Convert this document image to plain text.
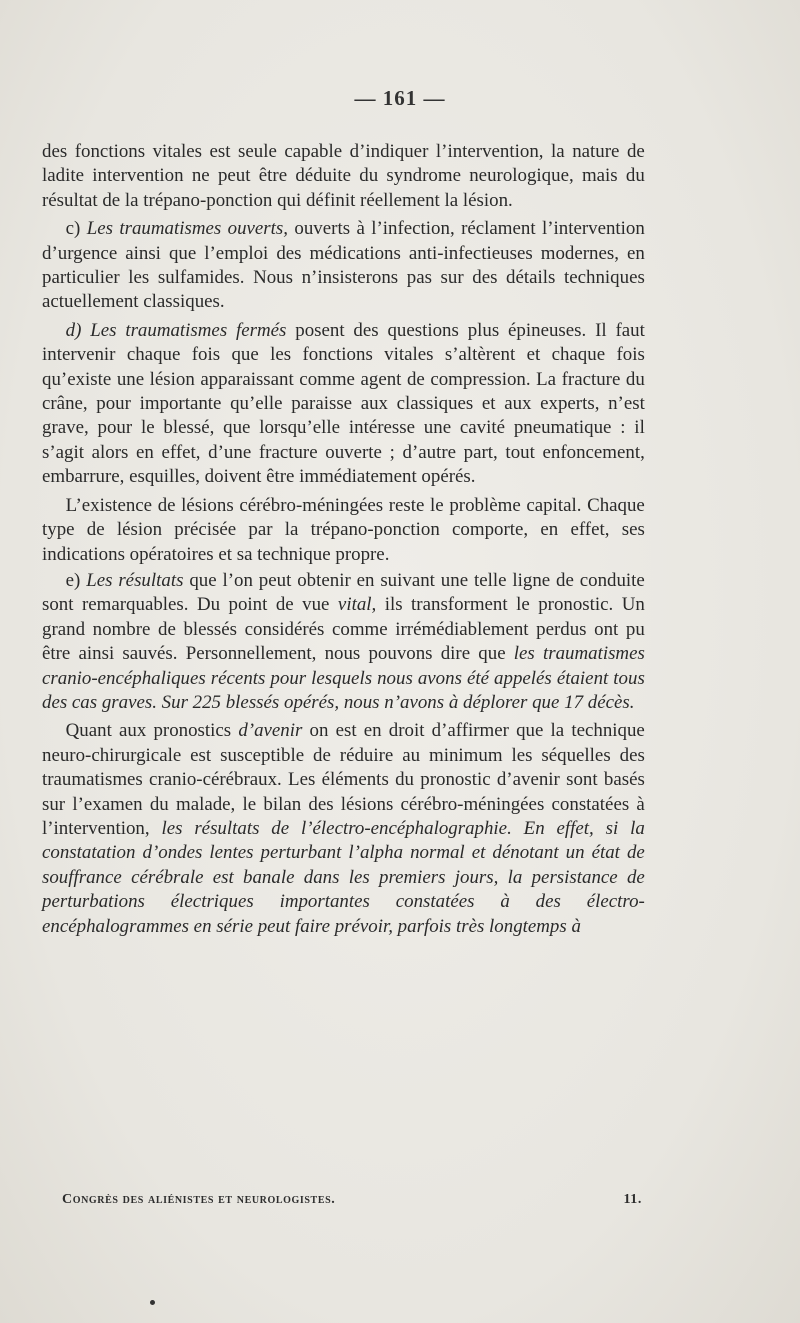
— 161 —

des fonctions vitales est seule capable d’indiquer l’intervention, la nature de ladite intervention ne peut être déduite du syndrome neurologique, mais du résultat de la trépano-ponction qui définit réellement la lésion.

c) Les traumatismes ouverts, ouverts à l’infection, réclament l’intervention d’urgence ainsi que l’emploi des médications anti-infectieuses modernes, en particulier les sulfamides. Nous n’insisterons pas sur des détails techniques actuellement classiques.

d) Les traumatismes fermés posent des questions plus épineuses. Il faut intervenir chaque fois que les fonctions vitales s’altèrent et chaque fois qu’existe une lésion apparaissant comme agent de compression. La fracture du crâne, pour importante qu’elle paraisse aux classiques et aux experts, n’est grave, pour le blessé, que lorsqu’elle intéresse une cavité pneumatique : il s’agit alors en effet, d’une fracture ouverte ; d’autre part, tout enfoncement, embarrure, esquilles, doivent être immédiatement opérés.

L’existence de lésions cérébro-méningées reste le problème capital. Chaque type de lésion précisée par la trépano-ponction comporte, en effet, ses indications opératoires et sa technique propre.

e) Les résultats que l’on peut obtenir en suivant une telle ligne de conduite sont remarquables. Du point de vue vital, ils transforment le pronostic. Un grand nombre de blessés considérés comme irrémédiablement perdus ont pu être ainsi sauvés. Personnellement, nous pouvons dire que les traumatismes cranio-encéphaliques récents pour lesquels nous avons été appelés étaient tous des cas graves. Sur 225 blessés opérés, nous n’avons à déplorer que 17 décès.

Quant aux pronostics d’avenir on est en droit d’affirmer que la technique neuro-chirurgicale est susceptible de réduire au minimum les séquelles des traumatismes cranio-cérébraux. Les éléments du pronostic d’avenir sont basés sur l’examen du malade, le bilan des lésions cérébro-méningées constatées à l’intervention, les résultats de l’électro-encéphalographie. En effet, si la constatation d’ondes lentes perturbant l’alpha normal et dénotant un état de souffrance cérébrale est banale dans les premiers jours, la persistance de perturbations électriques importantes constatées à des électro-encéphalogrammes en série peut faire prévoir, parfois très longtemps à

Congrès des aliénistes et neurologistes.	11.
